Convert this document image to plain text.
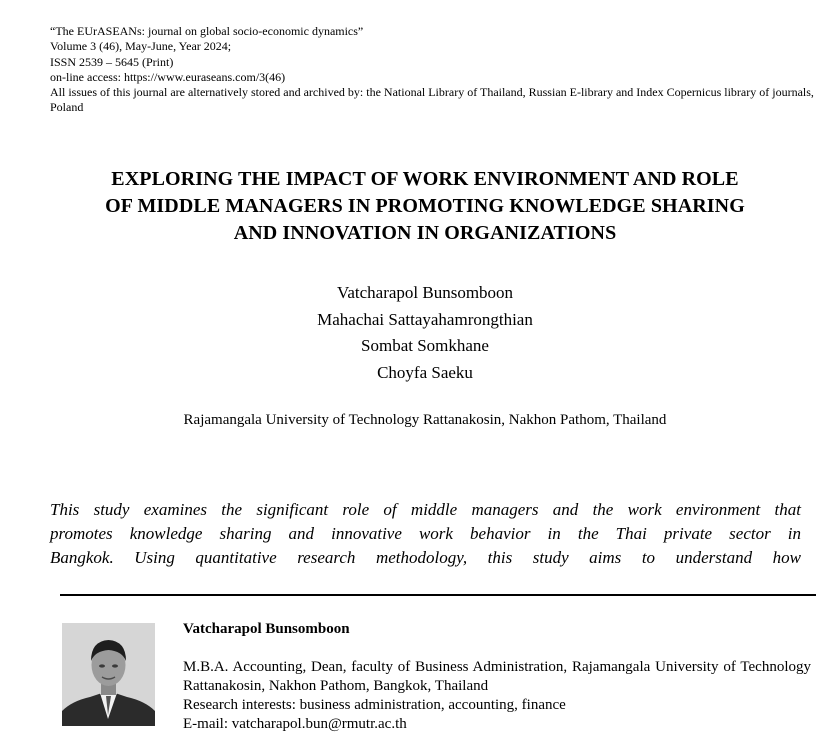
“The EUrASEANs: journal on global socio-economic dynamics”
Volume 3 (46), May-June, Year 2024;
ISSN 2539 – 5645 (Print)
on-line access: https://www.euraseans.com/3(46)
All issues of this journal are alternatively stored and archived by: the National Library of Thailand, Russian E-library and Index Copernicus library of journals, Poland
EXPLORING THE IMPACT OF WORK ENVIRONMENT AND ROLE
OF MIDDLE MANAGERS IN PROMOTING KNOWLEDGE SHARING
AND INNOVATION IN ORGANIZATIONS
Vatcharapol Bunsomboon
Mahachai Sattayahamrongthian
Sombat Somkhane
Choyfa Saeku
Rajamangala University of Technology Rattanakosin, Nakhon Pathom, Thailand
This study examines the significant role of middle managers and the work environment that
promotes knowledge sharing and innovative work behavior in the Thai private sector in
Bangkok. Using quantitative research methodology, this study aims to understand how
Vatcharapol Bunsomboon
M.B.A. Accounting, Dean, faculty of Business Administration, Rajamangala University of Technology Rattanakosin, Nakhon Pathom, Bangkok, Thailand
Research interests: business administration, accounting, finance
E-mail: vatcharapol.bun@rmutr.ac.th
